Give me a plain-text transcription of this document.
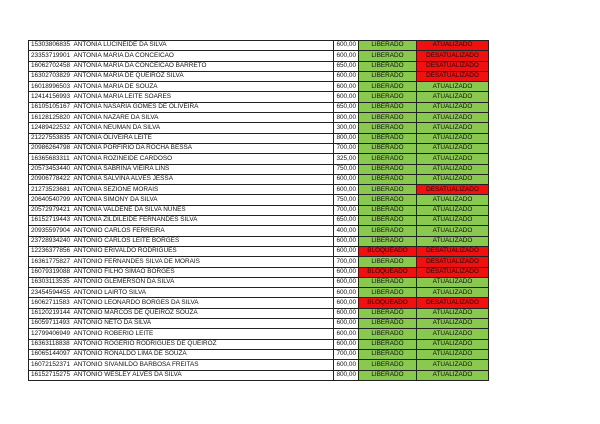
15303806835	ANTONIA LUCINEIDE DA SILVA	600,00	LIBERADO	ATUALIZADO
23353719901	ANTONIA MARIA DA CONCEICAO	600,00	LIBERADO	DESATUALIZADO
16062702458	ANTONIA MARIA DA CONCEICAO BARRETO	650,00	LIBERADO	DESATUALIZADO
16302703829	ANTONIA MARIA DE QUEIROZ SILVA	600,00	LIBERADO	DESATUALIZADO
16018996503	ANTONIA MARIA DE SOUZA	600,00	LIBERADO	ATUALIZADO
12414156993	ANTONIA MARIA LEITE SOARES	600,00	LIBERADO	ATUALIZADO
16105105167	ANTONIA NASARIA GOMES DE OLIVEIRA	650,00	LIBERADO	ATUALIZADO
16128125820	ANTONIA NAZARE DA SILVA	800,00	LIBERADO	ATUALIZADO
12489422532	ANTONIA NEUMAN DA SILVA	300,00	LIBERADO	ATUALIZADO
21227553835	ANTONIA OLIVEIRA LEITE	800,00	LIBERADO	ATUALIZADO
20986264798	ANTONIA PORFIRIO DA ROCHA BESSA	700,00	LIBERADO	ATUALIZADO
16365683311	ANTONIA ROZINEIDE CARDOSO	325,00	LIBERADO	ATUALIZADO
20573453440	ANTONIA SABRINA VIEIRA LINS	750,00	LIBERADO	ATUALIZADO
20906778422	ANTONIA SALVINA ALVES JESSA	600,00	LIBERADO	ATUALIZADO
21273523681	ANTONIA SEZIONE MORAIS	600,00	LIBERADO	DESATUALIZADO
20640540799	ANTONIA SIMONY DA SILVA	750,00	LIBERADO	ATUALIZADO
20572979421	ANTONIA VALDENE DA SILVA NUNES	700,00	LIBERADO	ATUALIZADO
16152719443	ANTONIA ZILDILEIDE FERNANDES SILVA	650,00	LIBERADO	ATUALIZADO
20935597904	ANTONIO CARLOS FERREIRA	400,00	LIBERADO	ATUALIZADO
23728934240	ANTONIO CARLOS LEITE BORGES	600,00	LIBERADO	ATUALIZADO
12236377856	ANTONIO ERIVALDO RODRIGUES	600,00	BLOQUEADO	DESATUALIZADO
16361775827	ANTONIO FERNANDES SILVA DE MORAIS	700,00	LIBERADO	DESATUALIZADO
16079319088	ANTONIO FILHO SIMAO BORGES	600,00	BLOQUEADO	DESATUALIZADO
16303113535	ANTONIO GLEMERSON DA SILVA	600,00	LIBERADO	ATUALIZADO
23454594455	ANTONIO LAIRTO SILVA	600,00	LIBERADO	ATUALIZADO
16062711583	ANTONIO LEONARDO BORGES DA SILVA	600,00	BLOQUEADO	DESATUALIZADO
16120219144	ANTONIO MARCOS DE QUEIROZ SOUZA	600,00	LIBERADO	ATUALIZADO
16059711493	ANTONIO NETO DA SILVA	600,00	LIBERADO	ATUALIZADO
12799406949	ANTONIO ROBERIO LEITE	600,00	LIBERADO	ATUALIZADO
16363118838	ANTONIO ROGERIO RODRIGUES DE QUEIROZ	600,00	LIBERADO	ATUALIZADO
16065144097	ANTONIO RONALDO LIMA DE SOUZA	700,00	LIBERADO	ATUALIZADO
16072152371	ANTONIO SIVANILDO BARBOSA FREITAS	600,00	LIBERADO	ATUALIZADO
16152715275	ANTONIO WESLEY ALVES DA SILVA	800,00	LIBERADO	ATUALIZADO
